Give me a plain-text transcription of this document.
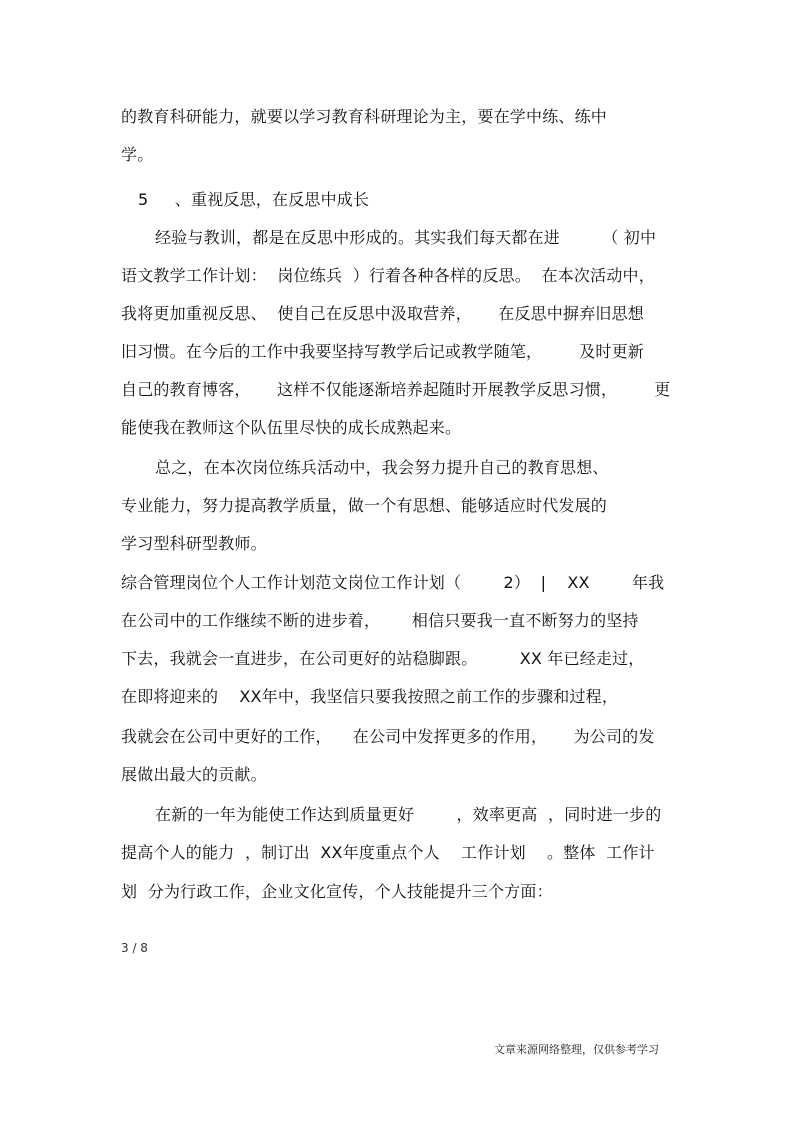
的教育科研能力，就要以学习教育科研理论为主，要在学中练、练中
学。
5     、重视反思，在反思中成长
经验与教训，都是在反思中形成的。其实我们每天都在进        （ 初中
语文教学工作计划：  岗位练兵  ）行着各种各样的反思。  在本次活动中，
我将更加重视反思、  使自己在反思中汲取营养，     在反思中摒弃旧思想
旧习惯。在今后的工作中我要坚持写教学后记或教学随笔，       及时更新
自己的教育博客，     这样不仅能逐渐培养起随时开展教学反思习惯，       更
能使我在教师这个队伍里尽快的成长成熟起来。
总之，在本次岗位练兵活动中，我会努力提升自己的教育思想、
专业能力，努力提高教学质量，做一个有思想、能够适应时代发展的
学习型科研型教师。
综合管理岗位个人工作计划范文岗位工作计划（        2）  |    XX        年我
在公司中的工作继续不断的进步着，      相信只要我一直不断努力的坚持
下去，我就会一直进步，在公司更好的站稳脚跟。        XX 年已经走过，
在即将迎来的    XX年中，我坚信只要我按照之前工作的步骤和过程，
我就会在公司中更好的工作，    在公司中发挥更多的作用，     为公司的发
展做出最大的贡献。
在新的一年为能使工作达到质量更好        ，效率更高  ，同时进一步的
提高个人的能力  ，制订出  XX年度重点个人    工作计划    。整体  工作计
划  分为行政工作，企业文化宣传，个人技能提升三个方面：
3 / 8
文章来源网络整理，仅供参考学习
